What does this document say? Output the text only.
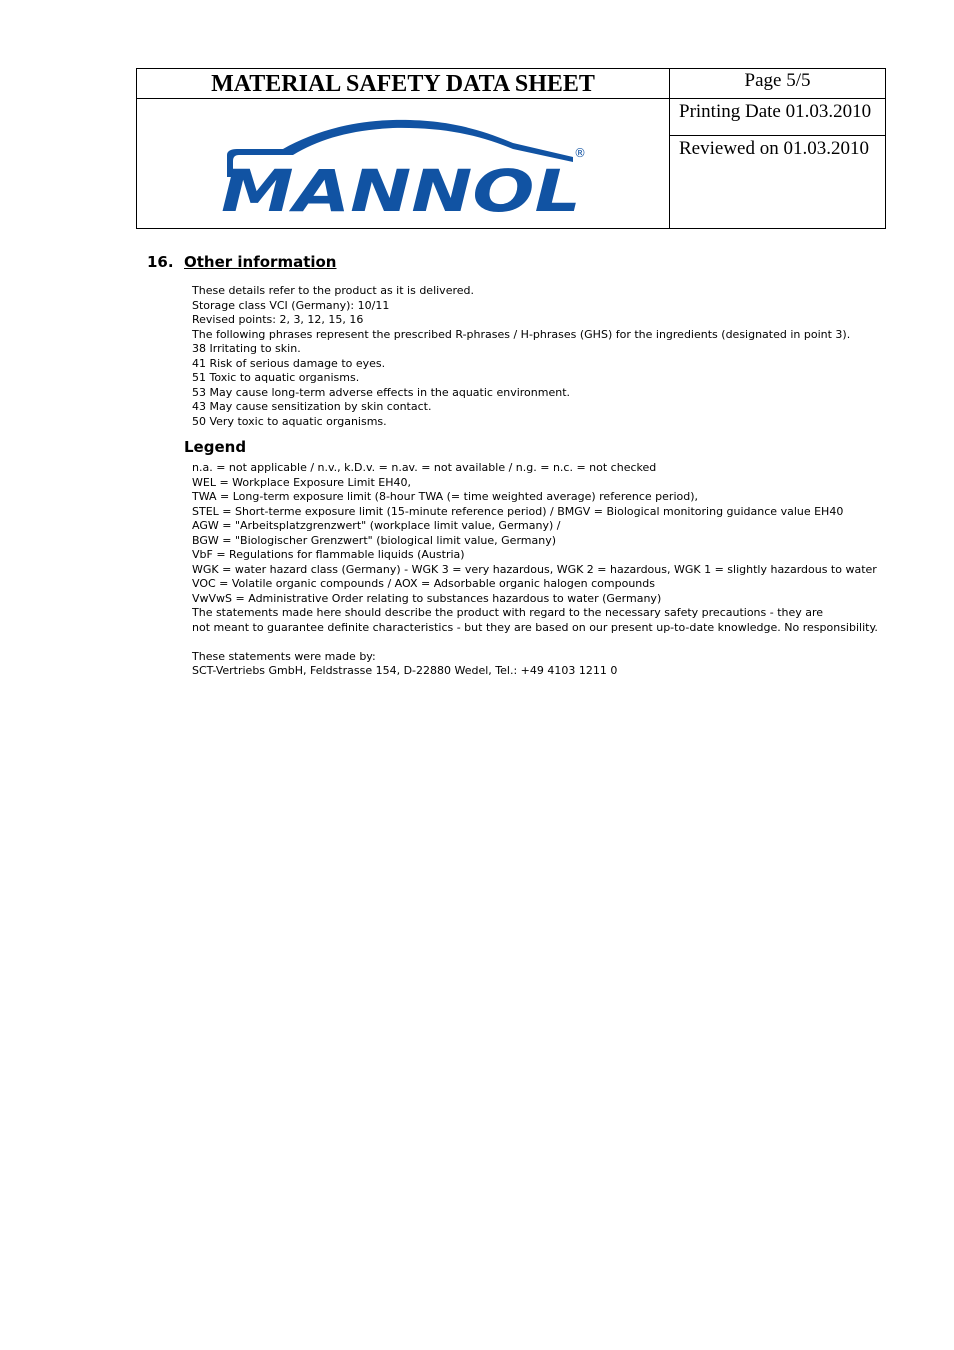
MATERIAL SAFETY DATA SHEET
MANNOL
®
Page 5/5
Printing Date 01.03.2010
Reviewed on 01.03.2010
16. Other information
These details refer to the product as it is delivered.
Storage class VCI (Germany): 10/11
Revised points: 2, 3, 12, 15, 16
The following phrases represent the prescribed R-phrases / H-phrases (GHS) for the ingredients (designated in point 3).
38 Irritating to skin.
41 Risk of serious damage to eyes.
51 Toxic to aquatic organisms.
53 May cause long-term adverse effects in the aquatic environment.
43 May cause sensitization by skin contact.
50 Very toxic to aquatic organisms.
Legend
n.a. = not applicable / n.v., k.D.v. = n.av. = not available / n.g. = n.c. = not checked
WEL = Workplace Exposure Limit EH40,
TWA = Long-term exposure limit (8-hour TWA (= time weighted average) reference period),
STEL = Short-terme exposure limit (15-minute reference period) / BMGV = Biological monitoring guidance value EH40
AGW = "Arbeitsplatzgrenzwert" (workplace limit value, Germany) /
BGW = "Biologischer Grenzwert" (biological limit value, Germany)
VbF = Regulations for flammable liquids (Austria)
WGK = water hazard class (Germany) - WGK 3 = very hazardous, WGK 2 = hazardous, WGK 1 = slightly hazardous to water
VOC = Volatile organic compounds / AOX = Adsorbable organic halogen compounds
VwVwS = Administrative Order relating to substances hazardous to water (Germany)
The statements made here should describe the product with regard to the necessary safety precautions - they are
not meant to guarantee definite characteristics - but they are based on our present up-to-date knowledge. No responsibility.
These statements were made by:
SCT-Vertriebs GmbH, Feldstrasse 154, D-22880 Wedel, Tel.: +49 4103 1211 0
